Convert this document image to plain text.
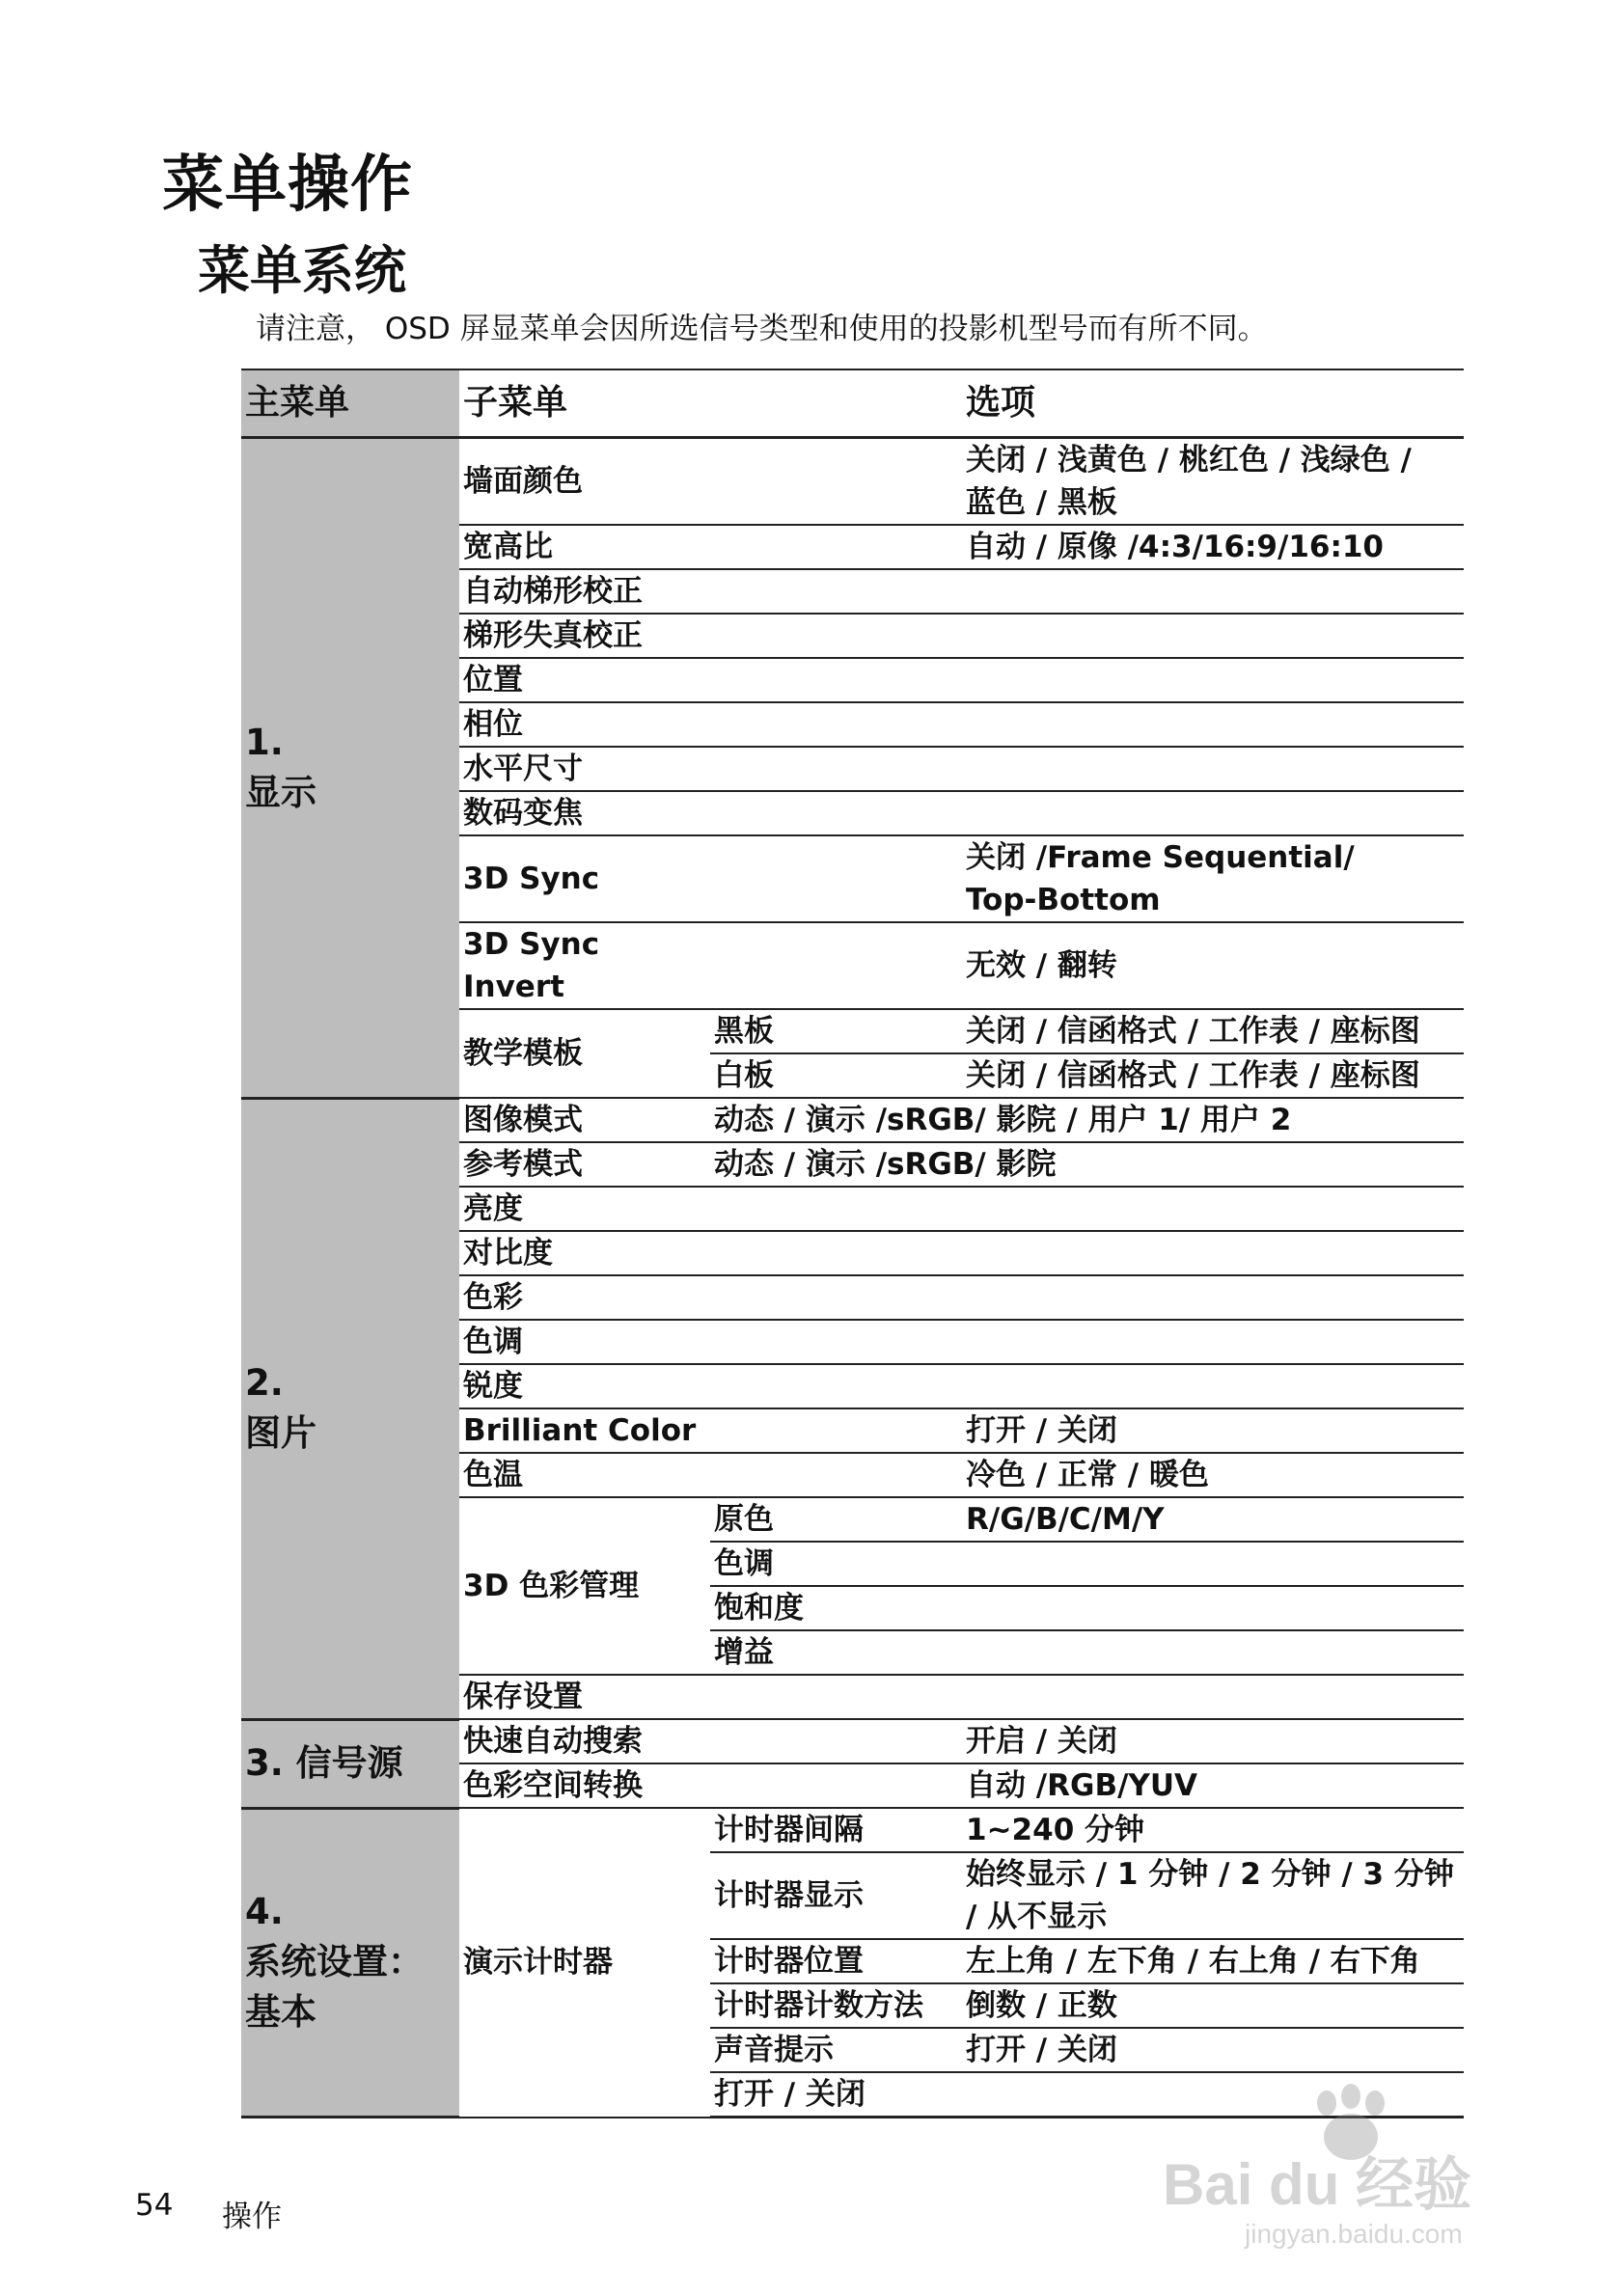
菜单操作
菜单系统
请注意， OSD 屏显菜单会因所选信号类型和使用的投影机型号而有所不同。
主菜单	子菜单		选项
1.
显示	墙面颜色		关闭 / 浅黄色 / 桃红色 / 浅绿色 /
蓝色 / 黑板
	宽高比		自动 / 原像 /4:3/16:9/16:10
	自动梯形校正		
	梯形失真校正		
	位置		
	相位		
	水平尺寸		
	数码变焦		
	3D Sync		关闭 /Frame Sequential/
Top-Bottom
	3D Sync Invert		无效 / 翻转
	教学模板	黑板	关闭 / 信函格式 / 工作表 / 座标图
		白板	关闭 / 信函格式 / 工作表 / 座标图
2.
图片	图像模式	动态 / 演示 /sRGB/ 影院 / 用户 1/ 用户 2	
	参考模式	动态 / 演示 /sRGB/ 影院	
	亮度		
	对比度		
	色彩		
	色调		
	锐度		
	Brilliant Color		打开 / 关闭
	色温		冷色 / 正常 / 暖色
	3D 色彩管理	原色	R/G/B/C/M/Y
		色调	
		饱和度	
		增益	
	保存设置		
3. 信号源	快速自动搜索		开启 / 关闭
	色彩空间转换		自动 /RGB/YUV
4.
系统设置：
基本	演示计时器	计时器间隔	1~240 分钟
		计时器显示	始终显示 / 1 分钟 / 2 分钟 / 3 分钟 / 从不显示
		计时器位置	左上角 / 左下角 / 右上角 / 右下角
		计时器计数方法	倒数 / 正数
		声音提示	打开 / 关闭
		打开 / 关闭	
54 操作	Bai du 经验
jingyan.baidu.com
